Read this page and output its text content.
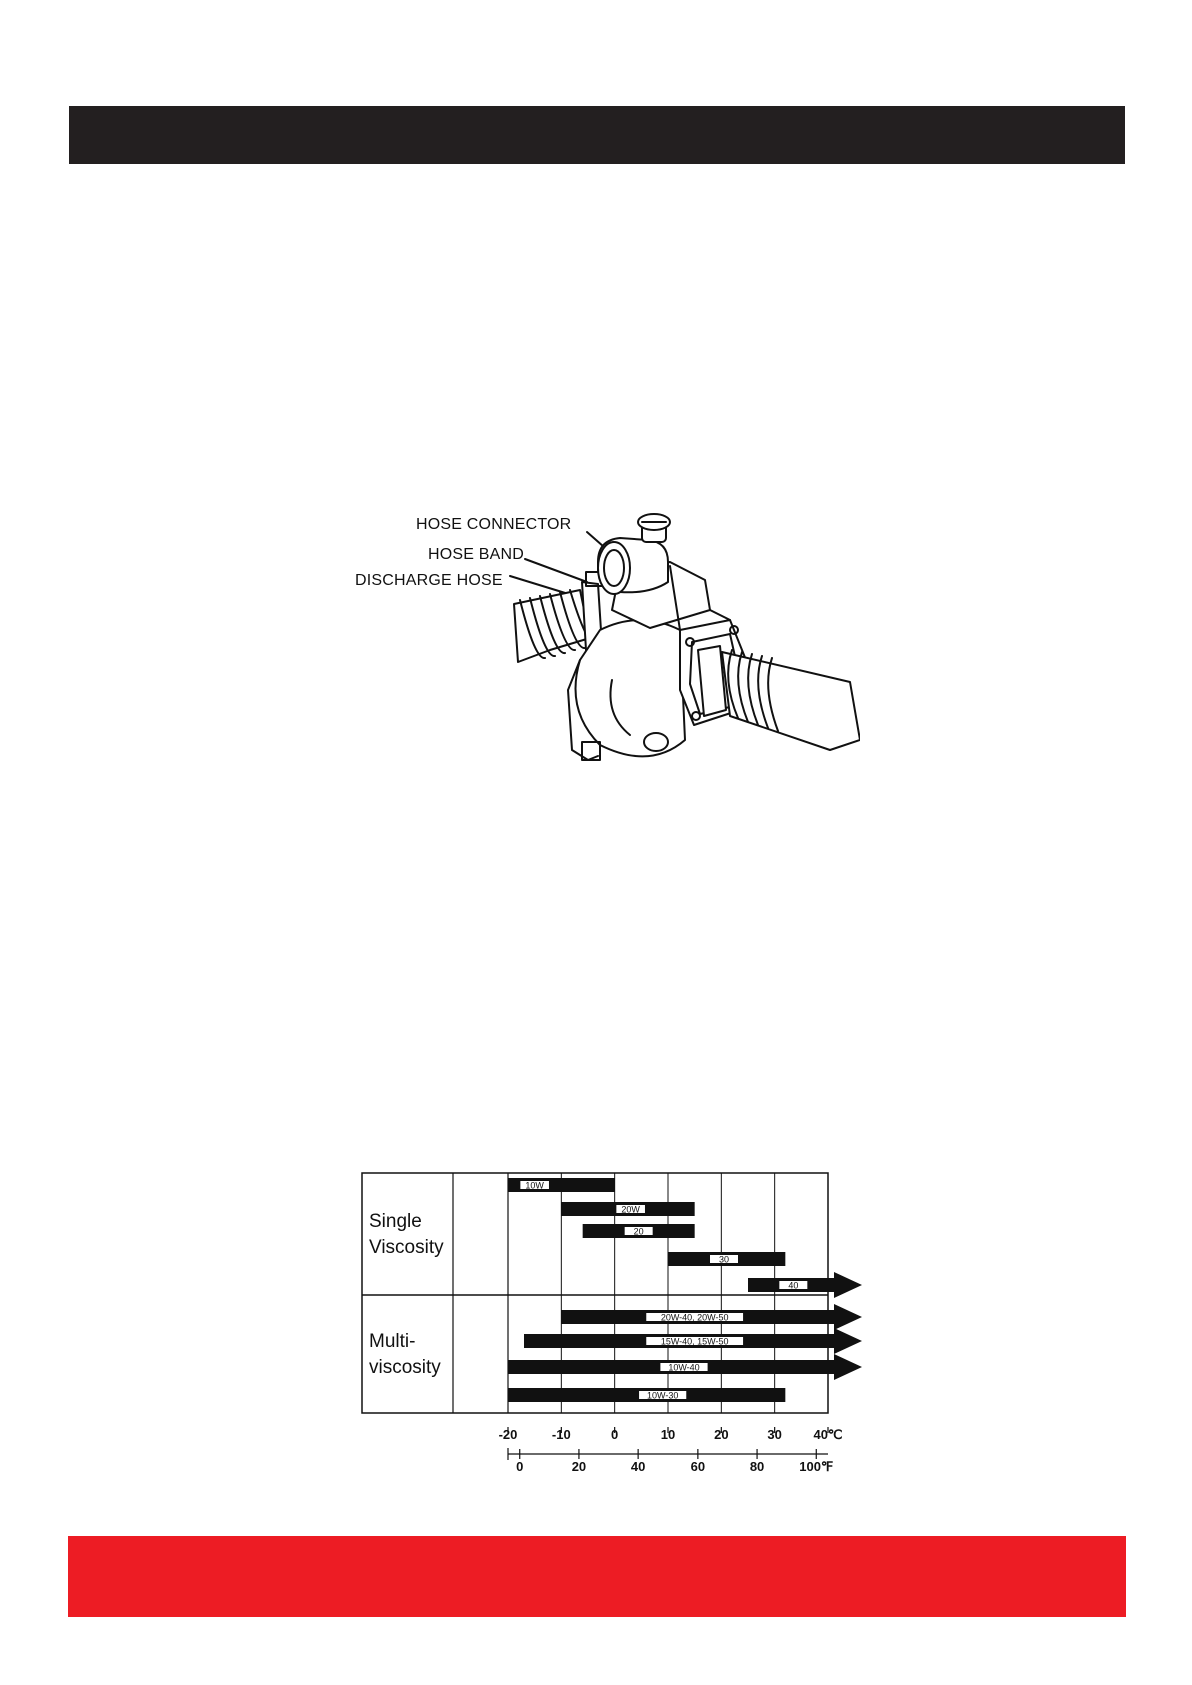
HOSE CONNECTOR
HOSE BAND
DISCHARGE HOSE
Single
Viscosity
Multi-
viscosity
10W
20W
20
30
40
20W-40, 20W-50
15W-40, 15W-50
10W-40
10W-30
-20	-10	0	10	20	30 40℃
0	20	40	60	80	100℉
